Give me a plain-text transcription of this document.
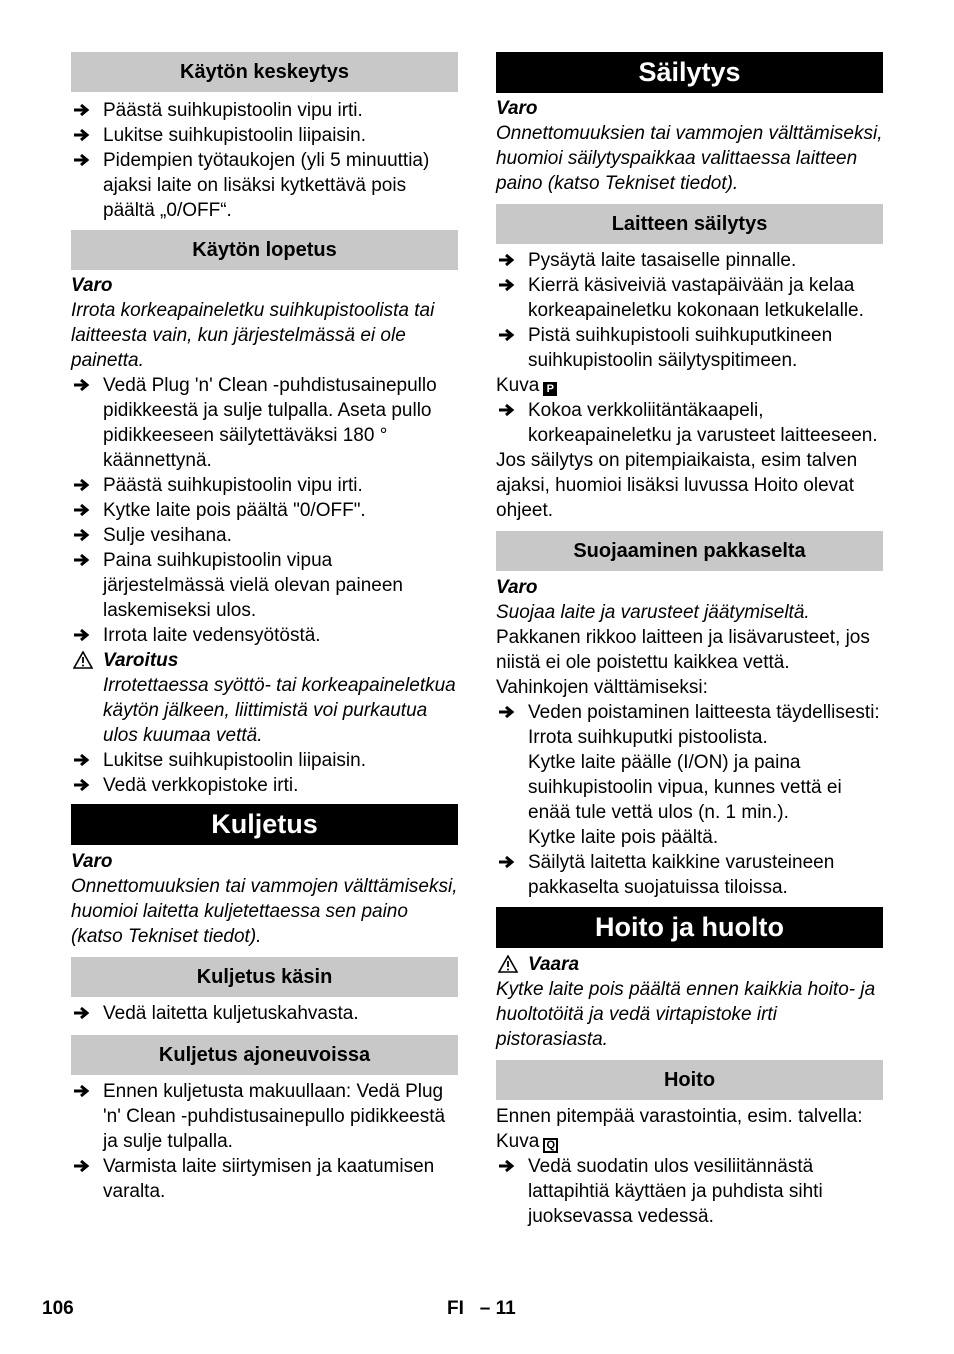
Käytön keskeytys
Päästä suihkupistoolin vipu irti.
Lukitse suihkupistoolin liipaisin.
Pidempien työtaukojen (yli 5 minuuttia) ajaksi laite on lisäksi kytkettävä pois päältä „0/OFF“.
Käytön lopetus
Varo
Irrota korkeapaineletku suihkupistoolista tai laitteesta vain, kun järjestelmässä ei ole painetta.
Vedä Plug 'n' Clean -puhdistusainepullo pidikkeestä ja sulje tulpalla. Aseta pullo pidikkeeseen säilytettäväksi 180 ° käännettynä.
Päästä suihkupistoolin vipu irti.
Kytke laite pois päältä "0/OFF".
Sulje vesihana.
Paina suihkupistoolin vipua järjestelmässä vielä olevan paineen laskemiseksi ulos.
Irrota laite vedensyötöstä.
Varoitus
Irrotettaessa syöttö- tai korkeapaineletkua käytön jälkeen, liittimistä voi purkautua ulos kuumaa vettä.
Lukitse suihkupistoolin liipaisin.
Vedä verkkopistoke irti.
Kuljetus
Varo
Onnettomuuksien tai vammojen välttämiseksi, huomioi laitetta kuljetettaessa sen paino (katso Tekniset tiedot).
Kuljetus käsin
Vedä laitetta kuljetuskahvasta.
Kuljetus ajoneuvoissa
Ennen kuljetusta makuullaan: Vedä Plug 'n' Clean -puhdistusainepullo pidikkeestä ja sulje tulpalla.
Varmista laite siirtymisen ja kaatumisen varalta.
Säilytys
Varo
Onnettomuuksien tai vammojen välttämiseksi, huomioi säilytyspaikkaa valittaessa laitteen paino (katso Tekniset tiedot).
Laitteen säilytys
Pysäytä laite tasaiselle pinnalle.
Kierrä käsiveiviä vastapäivään ja kelaa korkeapaineletku kokonaan letkukelalle.
Pistä suihkupistooli suihkuputkineen suihkupistoolin säilytyspitimeen.
Kuva P
Kokoa verkkoliitäntäkaapeli, korkeapaineletku ja varusteet laitteeseen.
Jos säilytys on pitempiaikaista, esim talven ajaksi, huomioi lisäksi luvussa Hoito olevat ohjeet.
Suojaaminen pakkaselta
Varo
Suojaa laite ja varusteet jäätymiseltä.
Pakkanen rikkoo laitteen ja lisävarusteet, jos niistä ei ole poistettu kaikkea vettä. Vahinkojen välttämiseksi:
Veden poistaminen laitteesta täydellisesti:
Irrota suihkuputki pistoolista.
Kytke laite päälle (I/ON) ja paina suihkupistoolin vipua, kunnes vettä ei enää tule vettä ulos (n. 1 min.).
Kytke laite pois päältä.
Säilytä laitetta kaikkine varusteineen pakkaselta suojatuissa tiloissa.
Hoito ja huolto
Vaara
Kytke laite pois päältä ennen kaikkia hoito- ja huoltotöitä ja vedä virtapistoke irti pistorasiasta.
Hoito
Ennen pitempää varastointia, esim. talvella:
Kuva Q
Vedä suodatin ulos vesiliitännästä lattapihtiä käyttäen ja puhdista sihti juoksevassa vedessä.
106	FI   – 11
